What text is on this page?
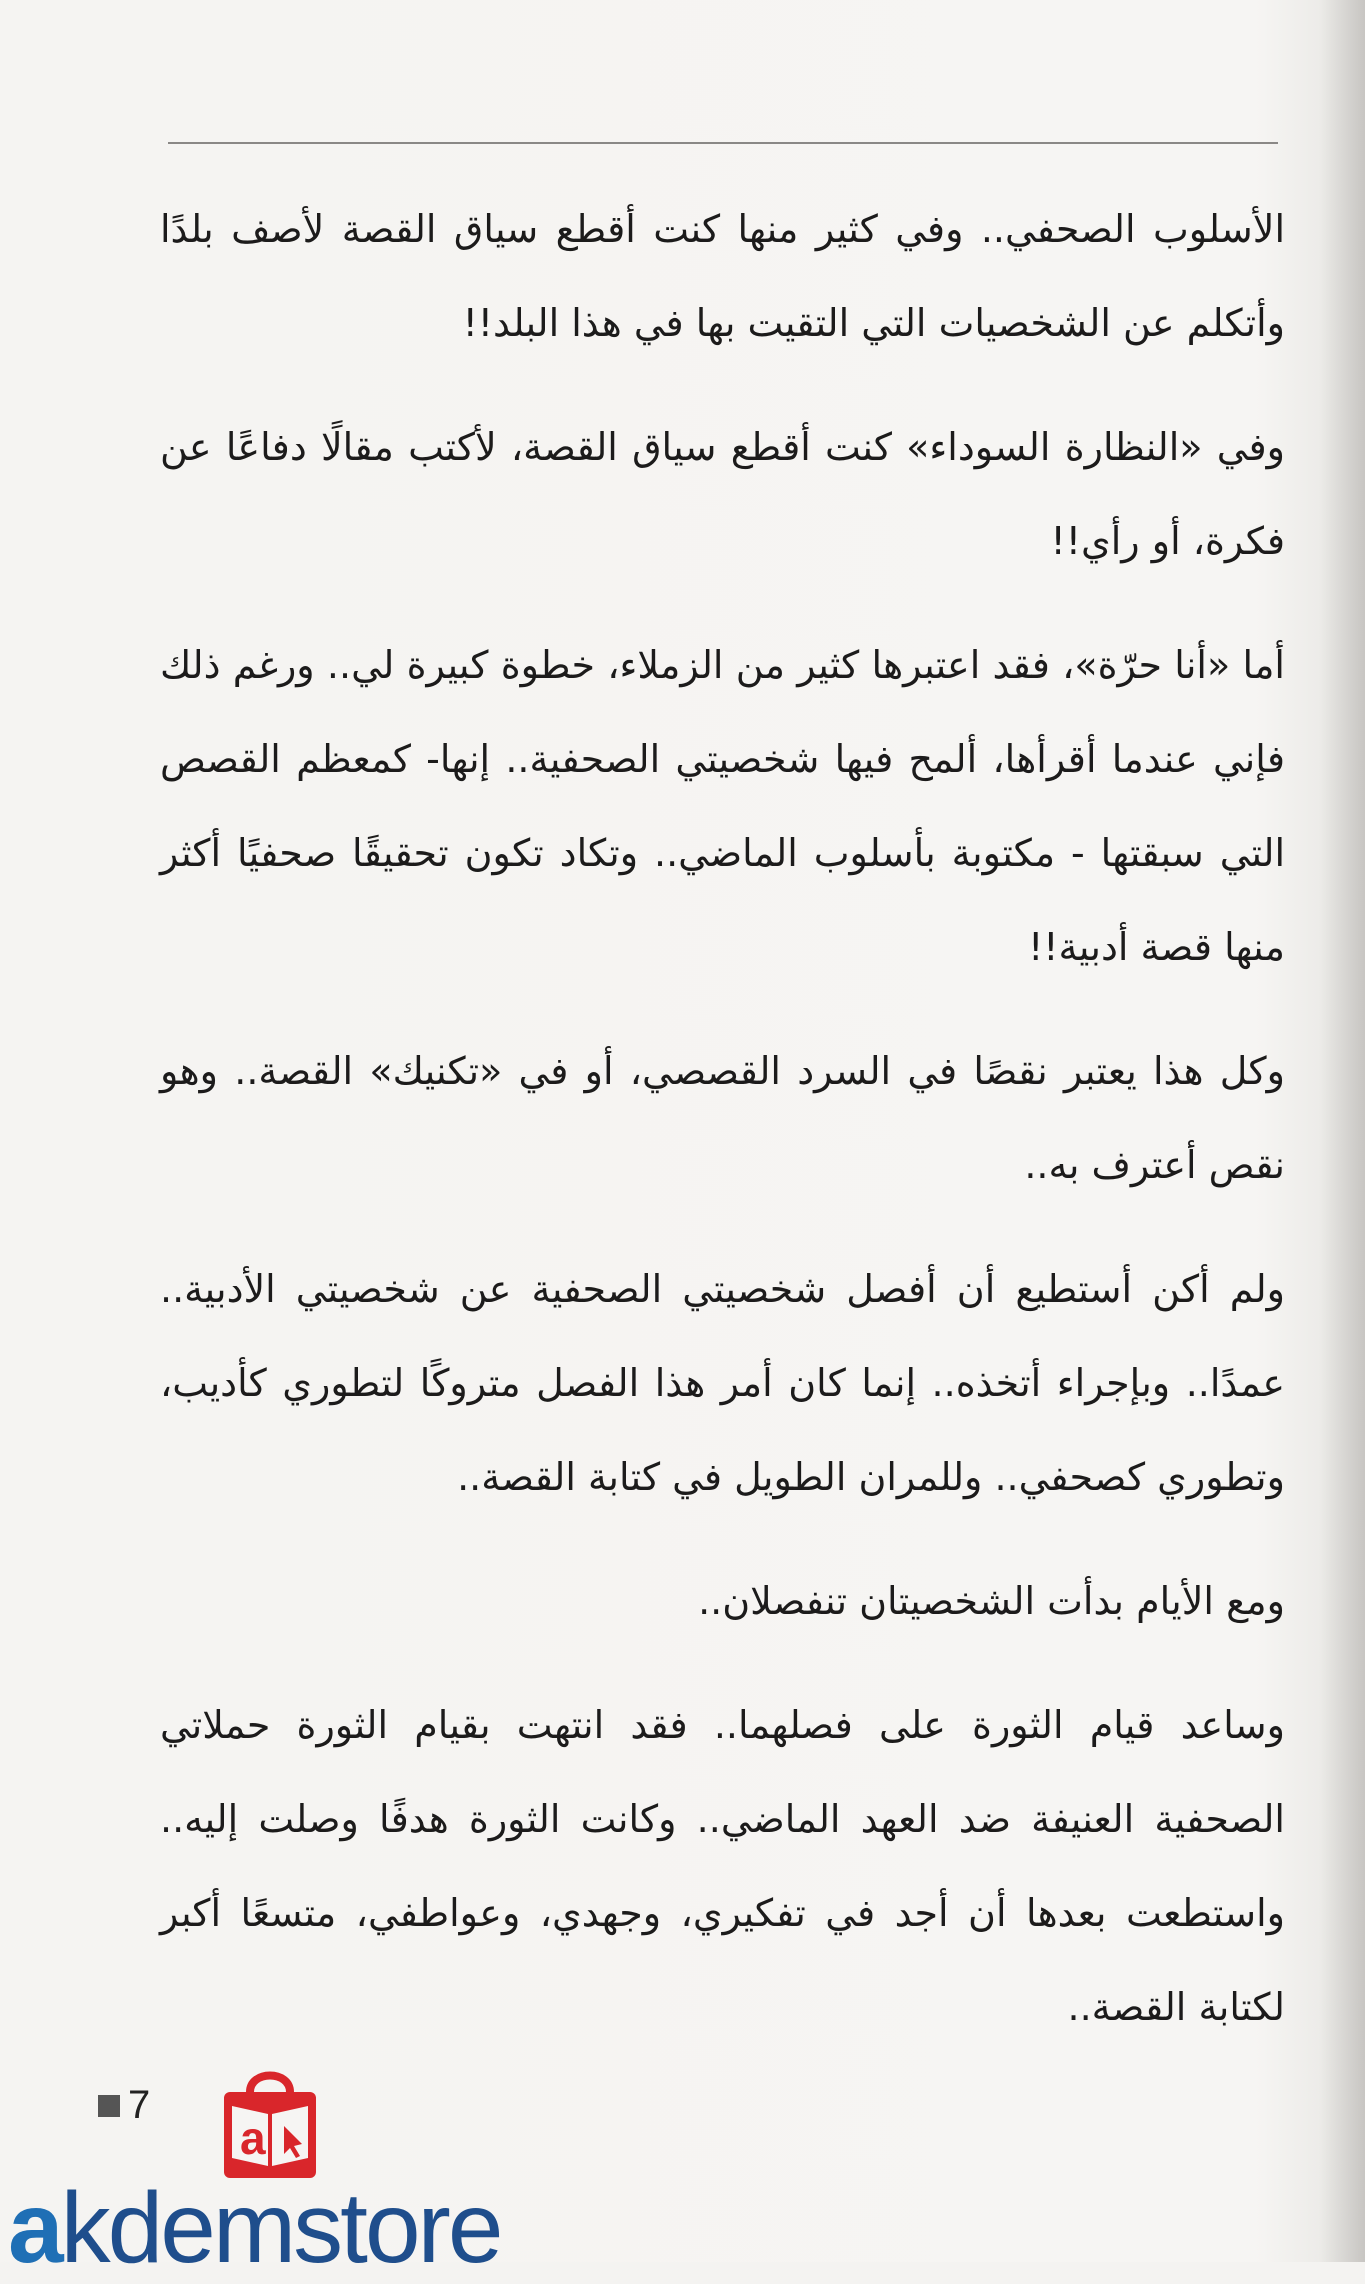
الأسلوب الصحفي.. وفي كثير منها كنت أقطع سياق القصة لأصف بلدًا وأتكلم عن الشخصيات التي التقيت بها في هذا البلد!!

وفي «النظارة السوداء» كنت أقطع سياق القصة، لأكتب مقالًا دفاعًا عن فكرة، أو رأي!!

أما «أنا حرّة»، فقد اعتبرها كثير من الزملاء، خطوة كبيرة لي.. ورغم ذلك فإني عندما أقرأها، ألمح فيها شخصيتي الصحفية.. إنها- كمعظم القصص التي سبقتها - مكتوبة بأسلوب الماضي.. وتكاد تكون تحقيقًا صحفيًا أكثر منها قصة أدبية!!

وكل هذا يعتبر نقصًا في السرد القصصي، أو في «تكنيك» القصة.. وهو نقص أعترف به..

ولم أكن أستطيع أن أفصل شخصيتي الصحفية عن شخصيتي الأدبية.. عمدًا.. وبإجراء أتخذه.. إنما كان أمر هذا الفصل متروكًا لتطوري كأديب، وتطوري كصحفي.. وللمران الطويل في كتابة القصة..

ومع الأيام بدأت الشخصيتان تنفصلان..

وساعد قيام الثورة على فصلهما.. فقد انتهت بقيام الثورة حملاتي الصحفية العنيفة ضد العهد الماضي.. وكانت الثورة هدفًا وصلت إليه.. واستطعت بعدها أن أجد في تفكيري، وجهدي، وعواطفي، متسعًا أكبر لكتابة القصة..

7
a
akdemstore
